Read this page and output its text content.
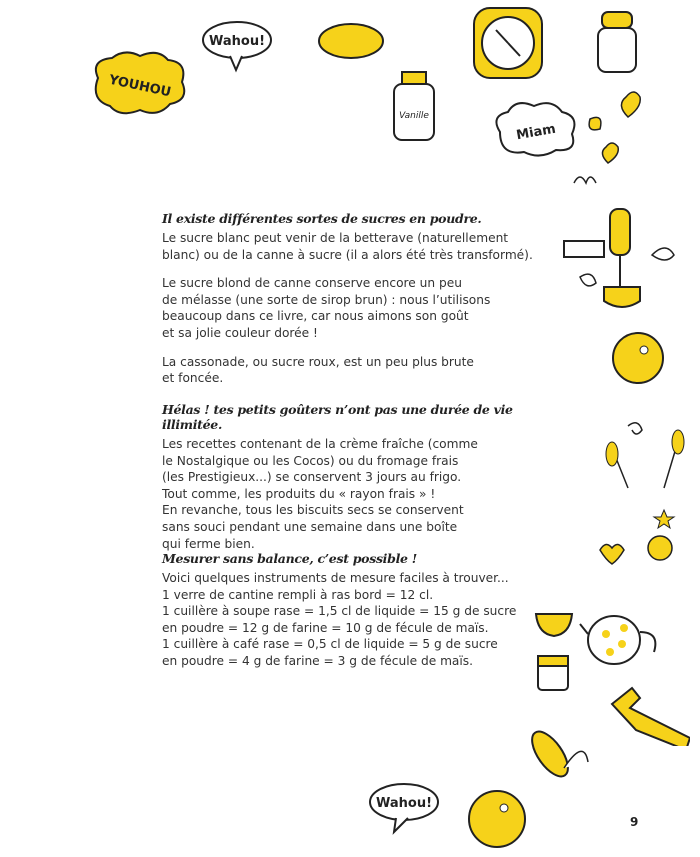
YOUHOU
Wahou!
Vanille
Miam
Wahou!
Il existe différentes sortes de sucres en poudre.

Le sucre blanc peut venir de la betterave (naturellement
blanc) ou de la canne à sucre (il a alors été très transformé).

Le sucre blond de canne conserve encore un peu
de mélasse (une sorte de sirop brun) : nous l’utilisons
beaucoup dans ce livre, car nous aimons son goût
et sa jolie couleur dorée !

La cassonade, ou sucre roux, est un peu plus brute
et foncée.

Hélas ! tes petits goûters n’ont pas une durée de vie illimitée.

Les recettes contenant de la crème fraîche (comme
le Nostalgique ou les Cocos) ou du fromage frais
(les Prestigieux...) se conservent 3 jours au frigo.
Tout comme, les produits du « rayon frais » !
En revanche, tous les biscuits secs se conservent
sans souci pendant une semaine dans une boîte
qui ferme bien.

Mesurer sans balance, c’est possible !

Voici quelques instruments de mesure faciles à trouver...
1 verre de cantine rempli à ras bord = 12 cl.
1 cuillère à soupe rase = 1,5 cl de liquide = 15 g de sucre
en poudre = 12 g de farine = 10 g de fécule de maïs.
1 cuillère à café rase = 0,5 cl de liquide = 5 g de sucre
en poudre = 4 g de farine = 3 g de fécule de maïs.

9
